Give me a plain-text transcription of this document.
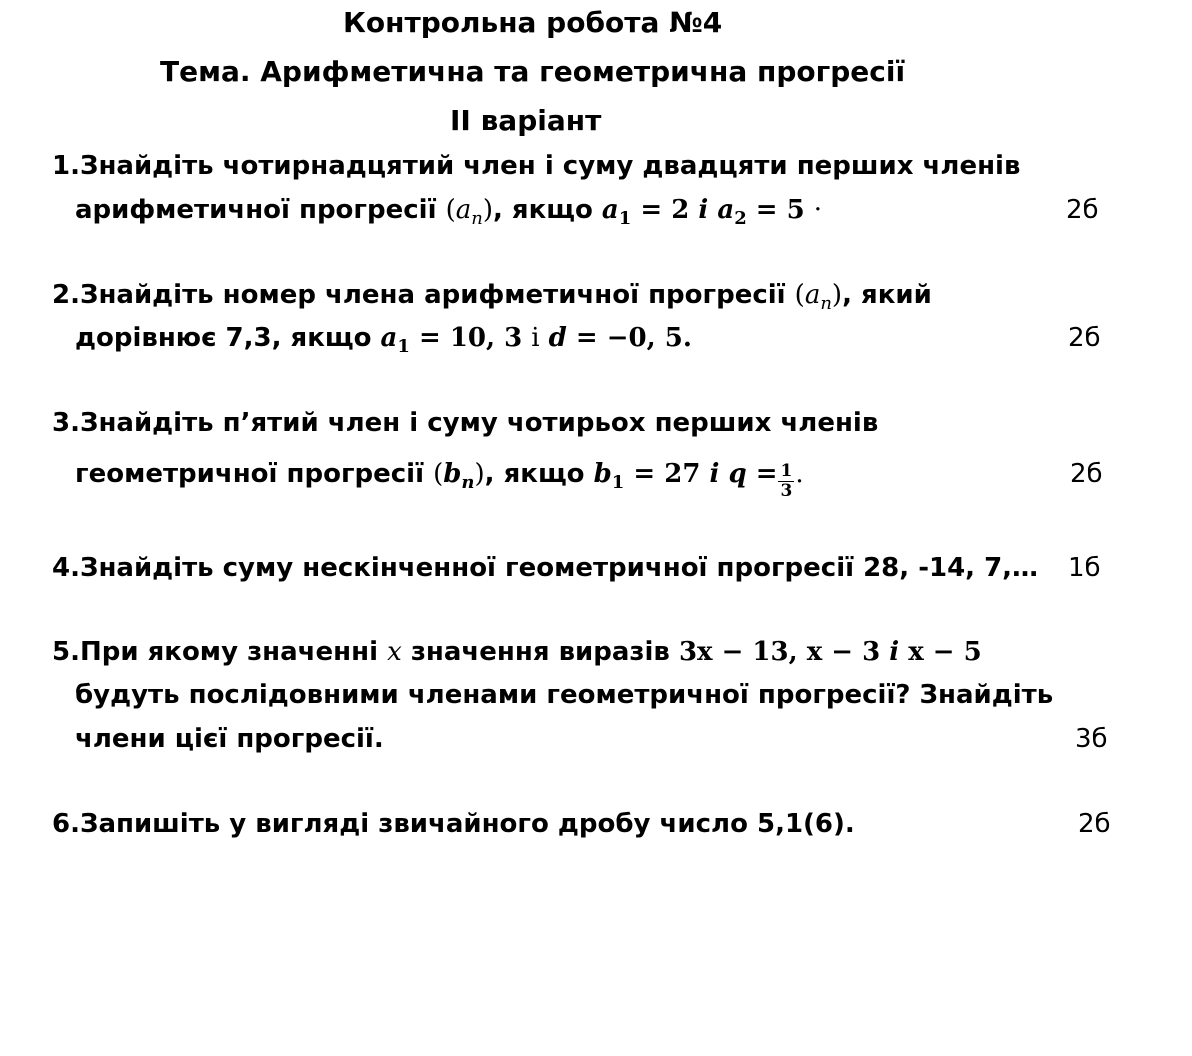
Контрольна робота №4
Тема. Арифметична та геометрична прогресії
ІІ варіант
1.Знайдіть чотирнадцятий член і суму двадцяти перших членів
арифметичної прогресії $(a_n)$, якщо $a_1 = 2$ і $a_2 = 5$ ·	2б
2.Знайдіть номер члена арифметичної прогресії $(a_n)$, який
дорівнює 7,3, якщо $a_1 = 10$, 3 і d = −0, 5.	2б
3.Знайдіть п’ятий член і суму чотирьох перших членів
геометричної прогресії $(b_n)$, якщо $b_1 = 27$ i $q = \frac{1}{3}$ .	2б
4.Знайдіть суму нескінченної геометричної прогресії 28, -14, 7,… 1б
5.При якому значенні x значення виразів 3x − 13, x − 3 і x − 5
будуть послідовними членами геометричної прогресії? Знайдіть
члени цієї прогресії.	3б
6.Запишіть у вигляді звичайного дробу число 5,1(6).	2б
